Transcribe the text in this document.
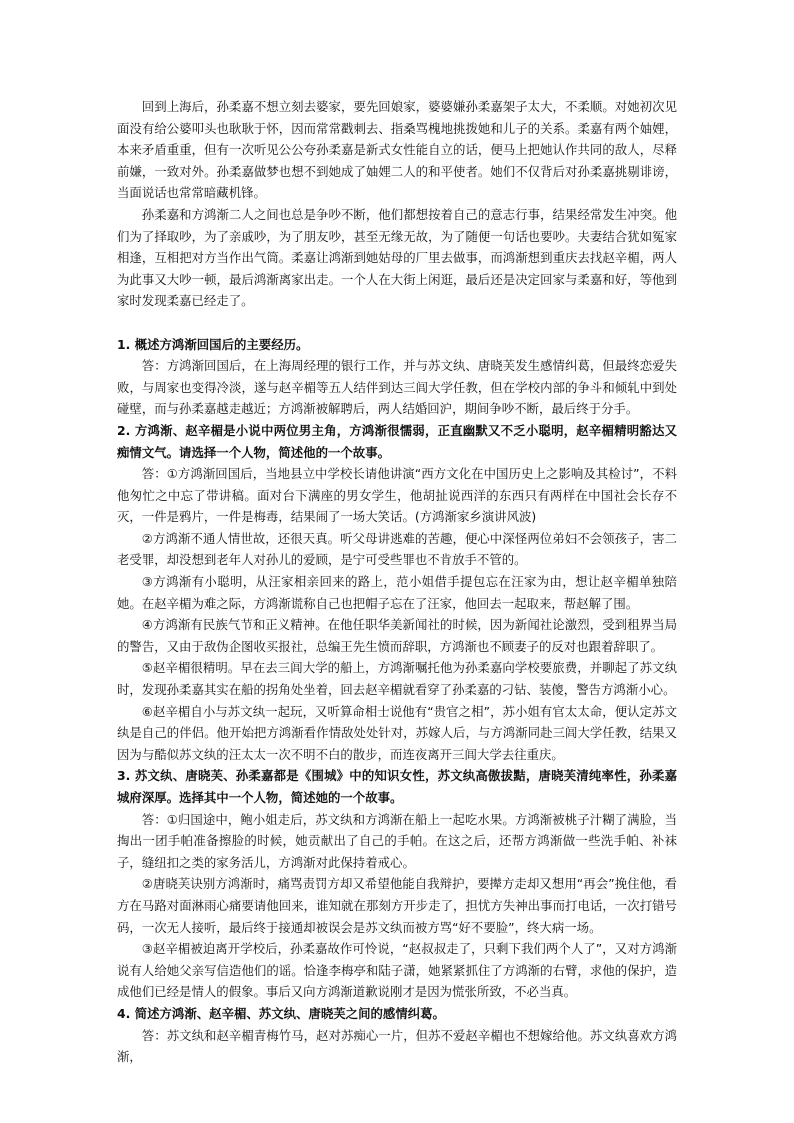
回到上海后，孙柔嘉不想立刻去婆家，要先回娘家，婆婆嫌孙柔嘉架子太大，不柔顺。对她初次见面没有给公婆叩头也耿耿于怀，因而常常戳刺去、指桑骂槐地挑拨她和儿子的关系。柔嘉有两个妯娌，本来矛盾重重，但有一次听见公公夸孙柔嘉是新式女性能自立的话，便马上把她认作共同的敌人，尽释前嫌，一致对外。孙柔嘉做梦也想不到她成了妯娌二人的和平使者。她们不仅背后对孙柔嘉挑剔诽谤，当面说话也常常暗藏机锋。

孙柔嘉和方鸿渐二人之间也总是争吵不断，他们都想按着自己的意志行事，结果经常发生冲突。他们为了择取吵，为了亲戚吵，为了朋友吵，甚至无缘无故，为了随便一句话也要吵。夫妻结合犹如冤家相逢，互相把对方当作出气筒。柔嘉让鸿渐到她姑母的厂里去做事，而鸿渐想到重庆去找赵辛楣，两人为此事又大吵一顿，最后鸿渐离家出走。一个人在大街上闲逛，最后还是决定回家与柔嘉和好，等他到家时发现柔嘉已经走了。

1. 概述方鸿渐回国后的主要经历。

答：方鸿渐回国后，在上海周经理的银行工作，并与苏文纨、唐晓芙发生感情纠葛，但最终恋爱失败，与周家也变得冷淡，遂与赵辛楣等五人结伴到达三闾大学任教，但在学校内部的争斗和倾轧中到处碰壁，而与孙柔嘉越走越近；方鸿渐被解聘后，两人结婚回沪，期间争吵不断，最后终于分手。

2. 方鸿渐、赵辛楣是小说中两位男主角，方鸿渐很懦弱，正直幽默又不乏小聪明，赵辛楣精明豁达又痴情文气。请选择一个人物，简述他的一个故事。

答：①方鸿渐回国后，当地县立中学校长请他讲演“西方文化在中国历史上之影响及其检讨”，不料他匆忙之中忘了带讲稿。面对台下满座的男女学生，他胡扯说西洋的东西只有两样在中国社会长存不灭，一件是鸦片，一件是梅毒，结果闹了一场大笑话。(方鸿渐家乡演讲风波)

②方鸿渐不通人情世故，还很天真。听父母讲逃难的苦趣，便心中深怪两位弟妇不会领孩子，害二老受罪，却没想到老年人对孙儿的爱顾，是宁可受些罪也不肯放手不管的。

③方鸿渐有小聪明，从汪家相亲回来的路上，范小姐借手提包忘在汪家为由，想让赵辛楣单独陪她。在赵辛楣为难之际，方鸿渐谎称自己也把帽子忘在了汪家，他回去一起取来，帮赵解了围。

④方鸿渐有民族气节和正义精神。在他任职华美新闻社的时候，因为新闻社论激烈，受到租界当局的警告，又由于敌伪企图收买报社，总编王先生愤而辞职，方鸿渐也不顾妻子的反对也跟着辞职了。

⑤赵辛楣很精明。早在去三闾大学的船上，方鸿渐嘱托他为孙柔嘉向学校要旅费，并聊起了苏文纨时，发现孙柔嘉其实在船的拐角处坐着，回去赵辛楣就看穿了孙柔嘉的刁钻、装傻，警告方鸿渐小心。

⑥赵辛楣自小与苏文纨一起玩，又听算命相士说他有“贵官之相”，苏小姐有官太太命，便认定苏文纨是自己的伴侣。他开始把方鸿渐看作情敌处处针对，苏嫁人后，与方鸿渐同赴三闾大学任教，结果又因为与酷似苏文纨的汪太太一次不明不白的散步，而连夜离开三闾大学去往重庆。

3. 苏文纨、唐晓芙、孙柔嘉都是《围城》中的知识女性，苏文纨高傲拔黠，唐晓芙清纯率性，孙柔嘉城府深厚。选择其中一个人物，简述她的一个故事。

答：①归国途中，鲍小姐走后，苏文纨和方鸿渐在船上一起吃水果。方鸿渐被桃子汁糊了满脸，当掏出一团手帕准备擦脸的时候，她贡献出了自己的手帕。在这之后，还帮方鸿渐做一些洗手帕、补袜子，缝纽扣之类的家务活儿，方鸿渐对此保持着戒心。

②唐晓芙诀别方鸿渐时，痛骂责罚方却又希望他能自我辩护，要撵方走却又想用“再会”挽住他，看方在马路对面淋雨心痛要请他回来，谁知就在那刻方开步走了，担忧方失神出事而打电话，一次打错号码，一次无人接听，最后终于接通却被误会是苏文纨而被方骂“好不要脸”，终大病一场。

③赵辛楣被迫离开学校后，孙柔嘉故作可怜说，“赵叔叔走了，只剩下我们两个人了”，又对方鸿渐说有人给她父亲写信造他们的谣。恰逢李梅亭和陆子潇，她紧紧抓住了方鸿渐的右臂，求他的保护，造成他们已经是情人的假象。事后又向方鸿渐道歉说刚才是因为慌张所致，不必当真。

4. 简述方鸿渐、赵辛楣、苏文纨、唐晓芙之间的感情纠葛。

答：苏文纨和赵辛楣青梅竹马，赵对苏痴心一片，但苏不爱赵辛楣也不想嫁给他。苏文纨喜欢方鸿渐，
